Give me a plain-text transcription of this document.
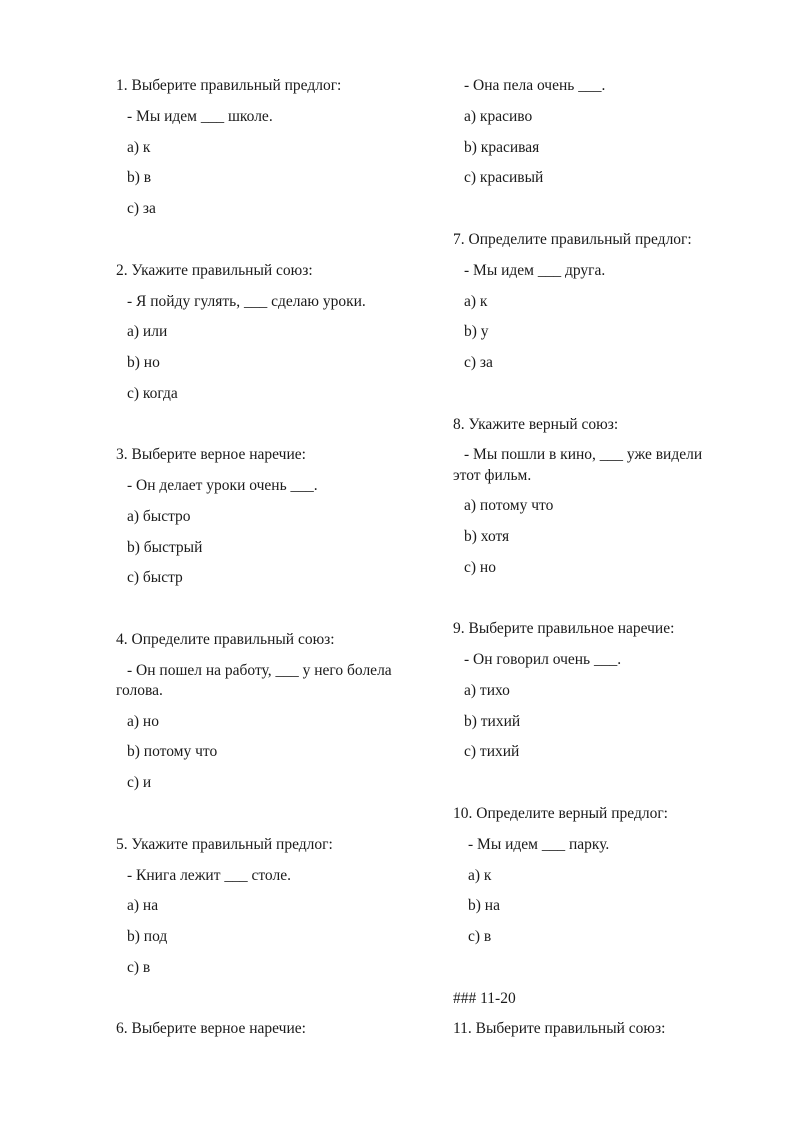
1. Выберите правильный предлог:
- Мы идем ___ школе.
a) к
b) в
c) за
2. Укажите правильный союз:
- Я пойду гулять, ___ сделаю уроки.
a) или
b) но
c) когда
3. Выберите верное наречие:
- Он делает уроки очень ___.
a) быстро
b) быстрый
c) быстр
4. Определите правильный союз:
- Он пошел на работу, ___ у него болела
голова.
a) но
b) потому что
c) и
5. Укажите правильный предлог:
- Книга лежит ___ столе.
a) на
b) под
c) в
6. Выберите верное наречие:
- Она пела очень ___.
a) красиво
b) красивая
c) красивый
7. Определите правильный предлог:
- Мы идем ___ друга.
a) к
b) у
c) за
8. Укажите верный союз:
- Мы пошли в кино, ___ уже видели
этот фильм.
a) потому что
b) хотя
c) но
9. Выберите правильное наречие:
- Он говорил очень ___.
a) тихо
b) тихий
c) тихий
10. Определите верный предлог:
- Мы идем ___ парку.
a) к
b) на
c) в
### 11-20
11. Выберите правильный союз:
